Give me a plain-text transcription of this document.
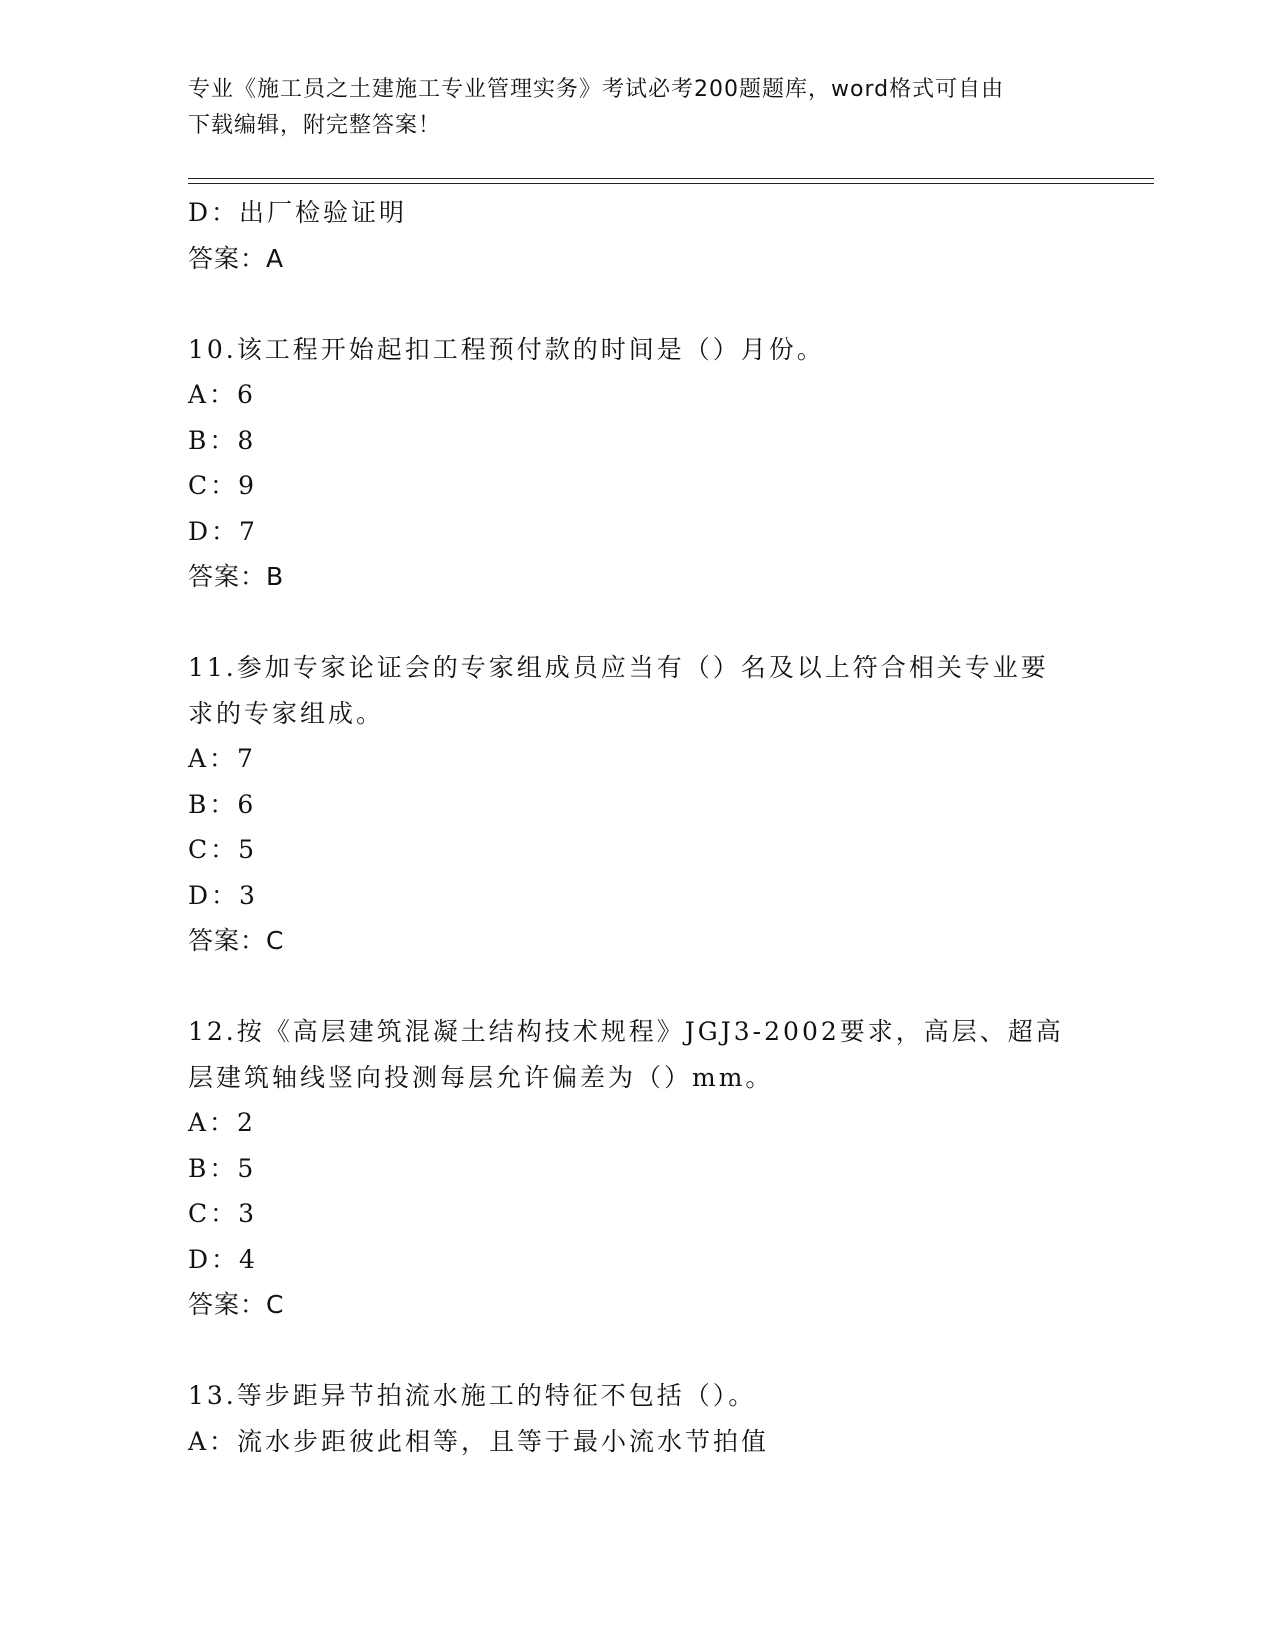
专业《施工员之土建施工专业管理实务》考试必考200题题库，word格式可自由
下载编辑，附完整答案！
D：出厂检验证明
答案：A
10.该工程开始起扣工程预付款的时间是（）月份。
A：6
B：8
C：9
D：7
答案：B
11.参加专家论证会的专家组成员应当有（）名及以上符合相关专业要
求的专家组成。
A：7
B：6
C：5
D：3
答案：C
12.按《高层建筑混凝土结构技术规程》JGJ3-2002要求，高层、超高
层建筑轴线竖向投测每层允许偏差为（）mm。
A：2
B：5
C：3
D：4
答案：C
13.等步距异节拍流水施工的特征不包括（）。
A：流水步距彼此相等，且等于最小流水节拍值
